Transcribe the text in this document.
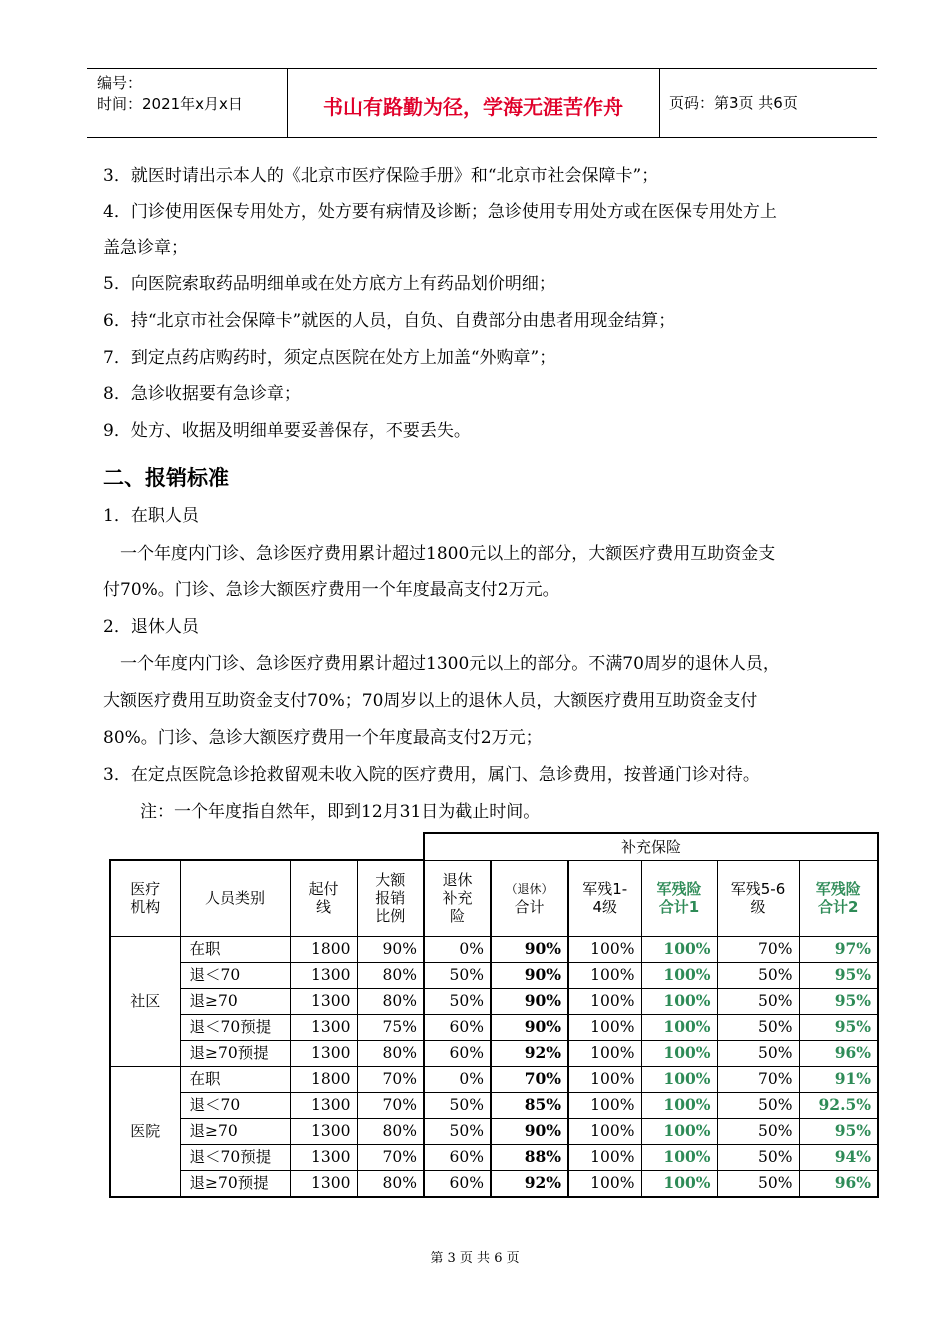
编号：
时间：2021年x月x日	书山有路勤为径，学海无涯苦作舟	页码：第3页 共6页
3．就医时请出示本人的《北京市医疗保险手册》和“北京市社会保障卡”；
4．门诊使用医保专用处方，处方要有病情及诊断；急诊使用专用处方或在医保专用处方上
盖急诊章；
5．向医院索取药品明细单或在处方底方上有药品划价明细；
6．持“北京市社会保障卡”就医的人员，自负、自费部分由患者用现金结算；
7．到定点药店购药时，须定点医院在处方上加盖“外购章”；
8．急诊收据要有急诊章；
9．处方、收据及明细单要妥善保存，不要丢失。
二、报销标准
1．在职人员
一个年度内门诊、急诊医疗费用累计超过1800元以上的部分，大额医疗费用互助资金支
付70%。门诊、急诊大额医疗费用一个年度最高支付2万元。
2．退休人员
一个年度内门诊、急诊医疗费用累计超过1300元以上的部分。不满70周岁的退休人员，
大额医疗费用互助资金支付70%；70周岁以上的退休人员，大额医疗费用互助资金支付
80%。门诊、急诊大额医疗费用一个年度最高支付2万元；
3．在定点医院急诊抢救留观未收入院的医疗费用，属门、急诊费用，按普通门诊对待。
注：一个年度指自然年，即到12月31日为截止时间。
				补充保险					
医疗机构	人员类别	起付线	大额报销比例	退休补充险	（退休）
合计	军残1-4级	军残险合计1	军残5-6级	军残险合计2
社区	在职	1800	90%	0%	90%	100%	100%	70%	97%
	退＜70	1300	80%	50%	90%	100%	100%	50%	95%
	退≥70	1300	80%	50%	90%	100%	100%	50%	95%
	退＜70预提	1300	75%	60%	90%	100%	100%	50%	95%
	退≥70预提	1300	80%	60%	92%	100%	100%	50%	96%
医院	在职	1800	70%	0%	70%	100%	100%	70%	91%
	退＜70	1300	70%	50%	85%	100%	100%	50%	92.5%
	退≥70	1300	80%	50%	90%	100%	100%	50%	95%
	退＜70预提	1300	70%	60%	88%	100%	100%	50%	94%
	退≥70预提	1300	80%	60%	92%	100%	100%	50%	96%
第 3 页 共 6 页
